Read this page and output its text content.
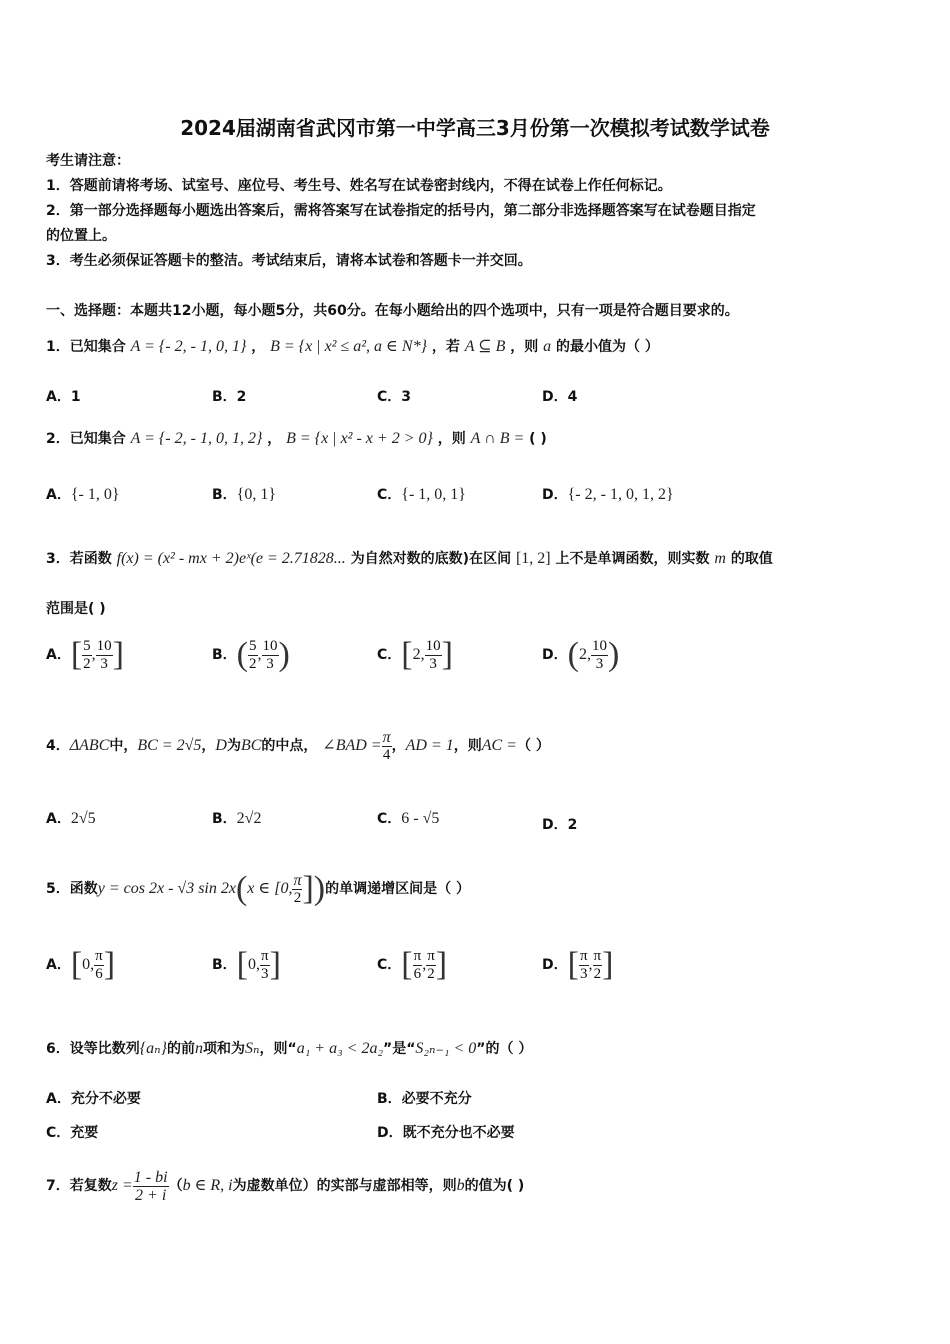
2024届湖南省武冈市第一中学高三3月份第一次模拟考试数学试卷
考生请注意：
1．答题前请将考场、试室号、座位号、考生号、姓名写在试卷密封线内，不得在试卷上作任何标记。
2．第一部分选择题每小题选出答案后，需将答案写在试卷指定的括号内，第二部分非选择题答案写在试卷题目指定
的位置上。
3．考生必须保证答题卡的整洁。考试结束后，请将本试卷和答题卡一并交回。
一、选择题：本题共12小题，每小题5分，共60分。在每小题给出的四个选项中，只有一项是符合题目要求的。
1．已知集合 A = {- 2, - 1, 0, 1} ， B = {x | x² ≤ a², a ∈ N*} ，若 A ⊆ B ，则 a 的最小值为（ ）
A．1	B．2	C．3	D．4
2．已知集合 A = {- 2, - 1, 0, 1, 2} ， B = {x | x² - x + 2 > 0} ，则 A ∩ B = ( )
A．{- 1, 0}	B．{0, 1}	C．{- 1, 0, 1}	D．{- 2, - 1, 0, 1, 2}
3．若函数 f(x) = (x² - mx + 2)eˣ(e = 2.71828... 为自然对数的底数)在区间 [1, 2] 上不是单调函数，则实数 m 的取值
范围是( )
A．[ $\frac{5}{2}$ , $\frac{10}{3}$ ]	B．( $\frac{5}{2}$ , $\frac{10}{3}$ )	C．[2, $\frac{10}{3}$ ]	D．(2, $\frac{10}{3}$ )
4．ΔABC中，BC = 2√5，D为BC的中点， ∠BAD = $\frac{\pi}{4}$ ，AD = 1，则AC =（ ）
A．2√5	B．2√2	C．6 - √5	D．2
5．函数y = cos 2x - √3 sin 2x(x ∈ [0, $\frac{\pi}{2}$ ])的单调递增区间是（ ）
A．[0, $\frac{\pi}{6}$ ]	B．[0, $\frac{\pi}{3}$ ]	C．[ $\frac{\pi}{6}$ , $\frac{\pi}{2}$ ]	D．[ $\frac{\pi}{3}$ , $\frac{\pi}{2}$ ]
6．设等比数列{aₙ}的前n项和为Sₙ，则“a₁ + a₃ < 2a₂”是“S₂ₙ₋₁ < 0”的（ ）
A．充分不必要	B．必要不充分
C．充要	D．既不充分也不必要
7．若复数$z = \frac{1 - bi}{2 + i} (b$ ∈ R, i为虚数单位）的实部与虚部相等，则b的值为( )
